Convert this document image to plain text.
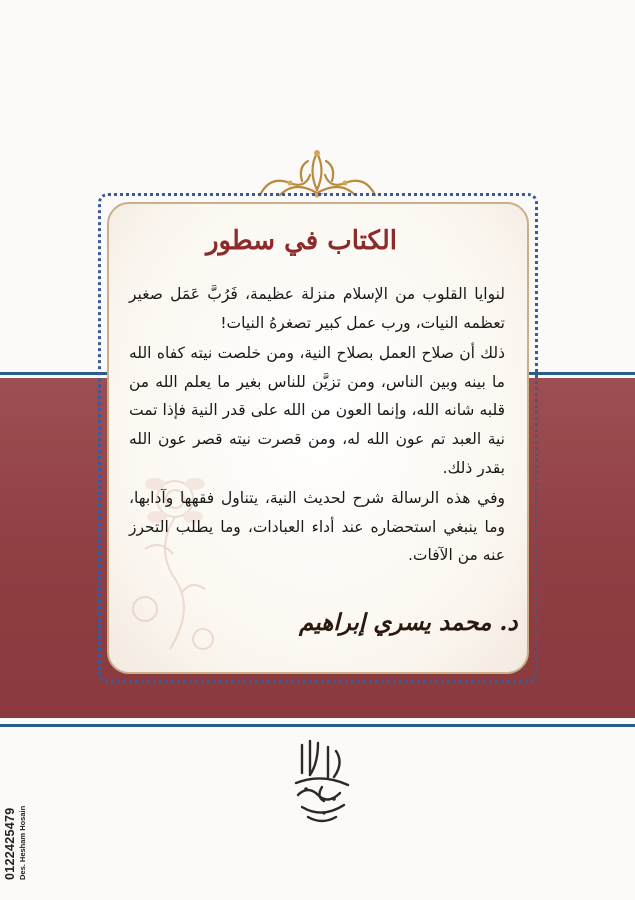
الكتاب في سطور

لنوايا القلوب من الإسلام منزلة عظيمة، فَرُبَّ عَمَل صغير تعظمه النيات، ورب عمل كبير تصغرهُ النيات!

ذلك أن صلاح العمل بصلاح النية، ومن خلصت نيته كفاه الله ما بينه وبين الناس، ومن تزيَّن للناس بغير ما يعلم الله من قلبه شانه الله، وإنما العون من الله على قدر النية فإذا تمت نية العبد تم عون الله له، ومن قصرت نيته قصر عون الله بقدر ذلك.

وفي هذه الرسالة شرح لحديث النية، يتناول فقهها وآدابها، وما ينبغي استحضاره عند أداء العبادات، وما يطلب التحرز عنه من الآفات.

د. محمد يسري إبراهيم
0122425479 Des. Hesham Hosain
